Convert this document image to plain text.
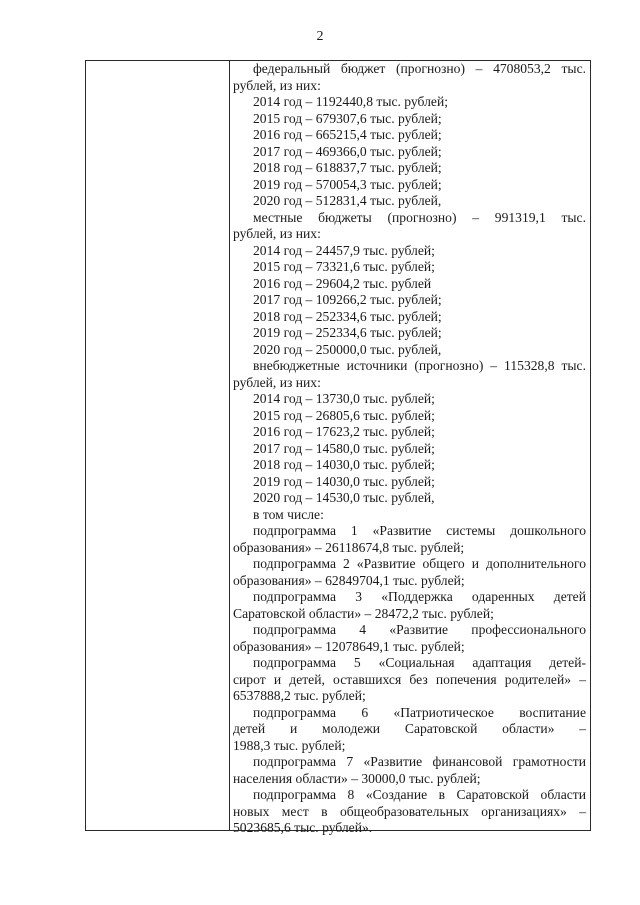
2
федеральный бюджет (прогнозно) – 4708053,2 тыс.
рублей, из них:
2014 год – 1192440,8 тыс. рублей;
2015 год – 679307,6 тыс. рублей;
2016 год – 665215,4 тыс. рублей;
2017 год – 469366,0 тыс. рублей;
2018 год – 618837,7 тыс. рублей;
2019 год – 570054,3 тыс. рублей;
2020 год – 512831,4 тыс. рублей,
местные бюджеты (прогнозно) – 991319,1 тыс.
рублей, из них:
2014 год – 24457,9 тыс. рублей;
2015 год – 73321,6 тыс. рублей;
2016 год – 29604,2 тыс. рублей
2017 год – 109266,2 тыс. рублей;
2018 год – 252334,6 тыс. рублей;
2019 год – 252334,6 тыс. рублей;
2020 год – 250000,0 тыс. рублей,
внебюджетные источники (прогнозно) – 115328,8 тыс.
рублей, из них:
2014 год – 13730,0 тыс. рублей;
2015 год – 26805,6 тыс. рублей;
2016 год – 17623,2 тыс. рублей;
2017 год – 14580,0 тыс. рублей;
2018 год – 14030,0 тыс. рублей;
2019 год – 14030,0 тыс. рублей;
2020 год – 14530,0 тыс. рублей,
в том числе:
подпрограмма 1 «Развитие системы дошкольного
образования» – 26118674,8 тыс. рублей;
подпрограмма 2 «Развитие общего и дополнительного
образования» – 62849704,1 тыс. рублей;
подпрограмма 3 «Поддержка одаренных детей
Саратовской области» – 28472,2 тыс. рублей;
подпрограмма 4 «Развитие профессионального
образования» – 12078649,1 тыс. рублей;
подпрограмма 5 «Социальная адаптация детей-
сирот и детей, оставшихся без попечения родителей» –
6537888,2 тыс. рублей;
подпрограмма 6 «Патриотическое воспитание
детей и молодежи Саратовской области» –
1988,3 тыс. рублей;
подпрограмма 7 «Развитие финансовой грамотности
населения области» – 30000,0 тыс. рублей;
подпрограмма 8 «Создание в Саратовской области
новых мест в общеобразовательных организациях» –
5023685,6 тыс. рублей».
